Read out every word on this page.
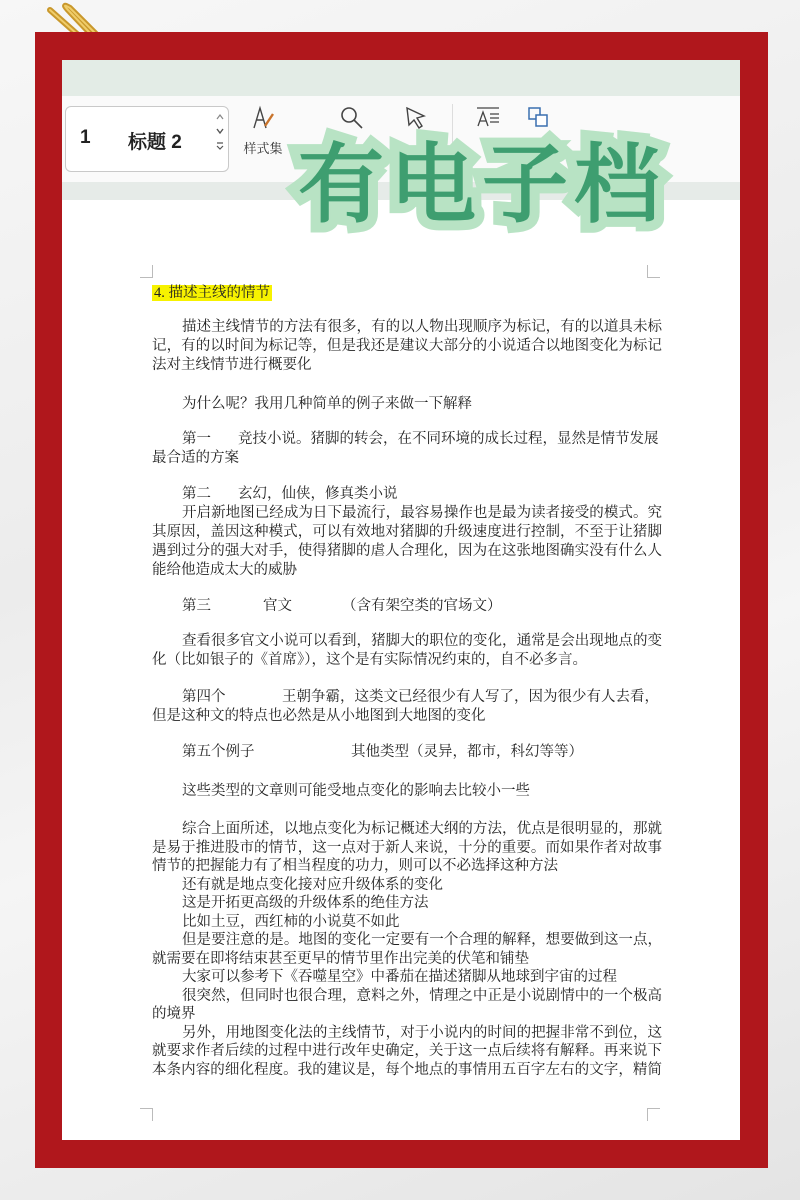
1 标题 2	样式集
4. 描述主线的情节
描述主线情节的方法有很多，有的以人物出现顺序为标记，有的以道具未标
记，有的以时间为标记等，但是我还是建议大部分的小说适合以地图变化为标记
法对主线情节进行概要化
为什么呢？我用几种简单的例子来做一下解释
第一 竞技小说。猪脚的转会，在不同环境的成长过程，显然是情节发展
最合适的方案
第二 玄幻，仙侠，修真类小说
开启新地图已经成为日下最流行，最容易操作也是最为读者接受的模式。究
其原因，盖因这种模式，可以有效地对猪脚的升级速度进行控制，不至于让猪脚
遇到过分的强大对手，使得猪脚的虐人合理化，因为在这张地图确实没有什么人
能给他造成太大的威胁
第三	官文	（含有架空类的官场文）
查看很多官文小说可以看到，猪脚大的职位的变化，通常是会出现地点的变
化（比如银子的《首席》），这个是有实际情况约束的，自不必多言。
第四个	王朝争霸，这类文已经很少有人写了，因为很少有人去看，
但是这种文的特点也必然是从小地图到大地图的变化
第五个例子	其他类型（灵异，都市，科幻等等）
这些类型的文章则可能受地点变化的影响去比较小一些
综合上面所述，以地点变化为标记概述大纲的方法，优点是很明显的，那就
是易于推进股市的情节，这一点对于新人来说，十分的重要。而如果作者对故事
情节的把握能力有了相当程度的功力，则可以不必选择这种方法
还有就是地点变化接对应升级体系的变化
这是开拓更高级的升级体系的绝佳方法
比如土豆，西红柿的小说莫不如此
但是要注意的是。地图的变化一定要有一个合理的解释，想要做到这一点，
就需要在即将结束甚至更早的情节里作出完美的伏笔和铺垫
大家可以参考下《吞噬星空》中番茄在描述猪脚从地球到宇宙的过程
很突然，但同时也很合理，意料之外，情理之中正是小说剧情中的一个极高
的境界
另外，用地图变化法的主线情节，对于小说内的时间的把握非常不到位，这
就要求作者后续的过程中进行改年史确定，关于这一点后续将有解释。再来说下
本条内容的细化程度。我的建议是，每个地点的事情用五百字左右的文字，精简
有电子档
